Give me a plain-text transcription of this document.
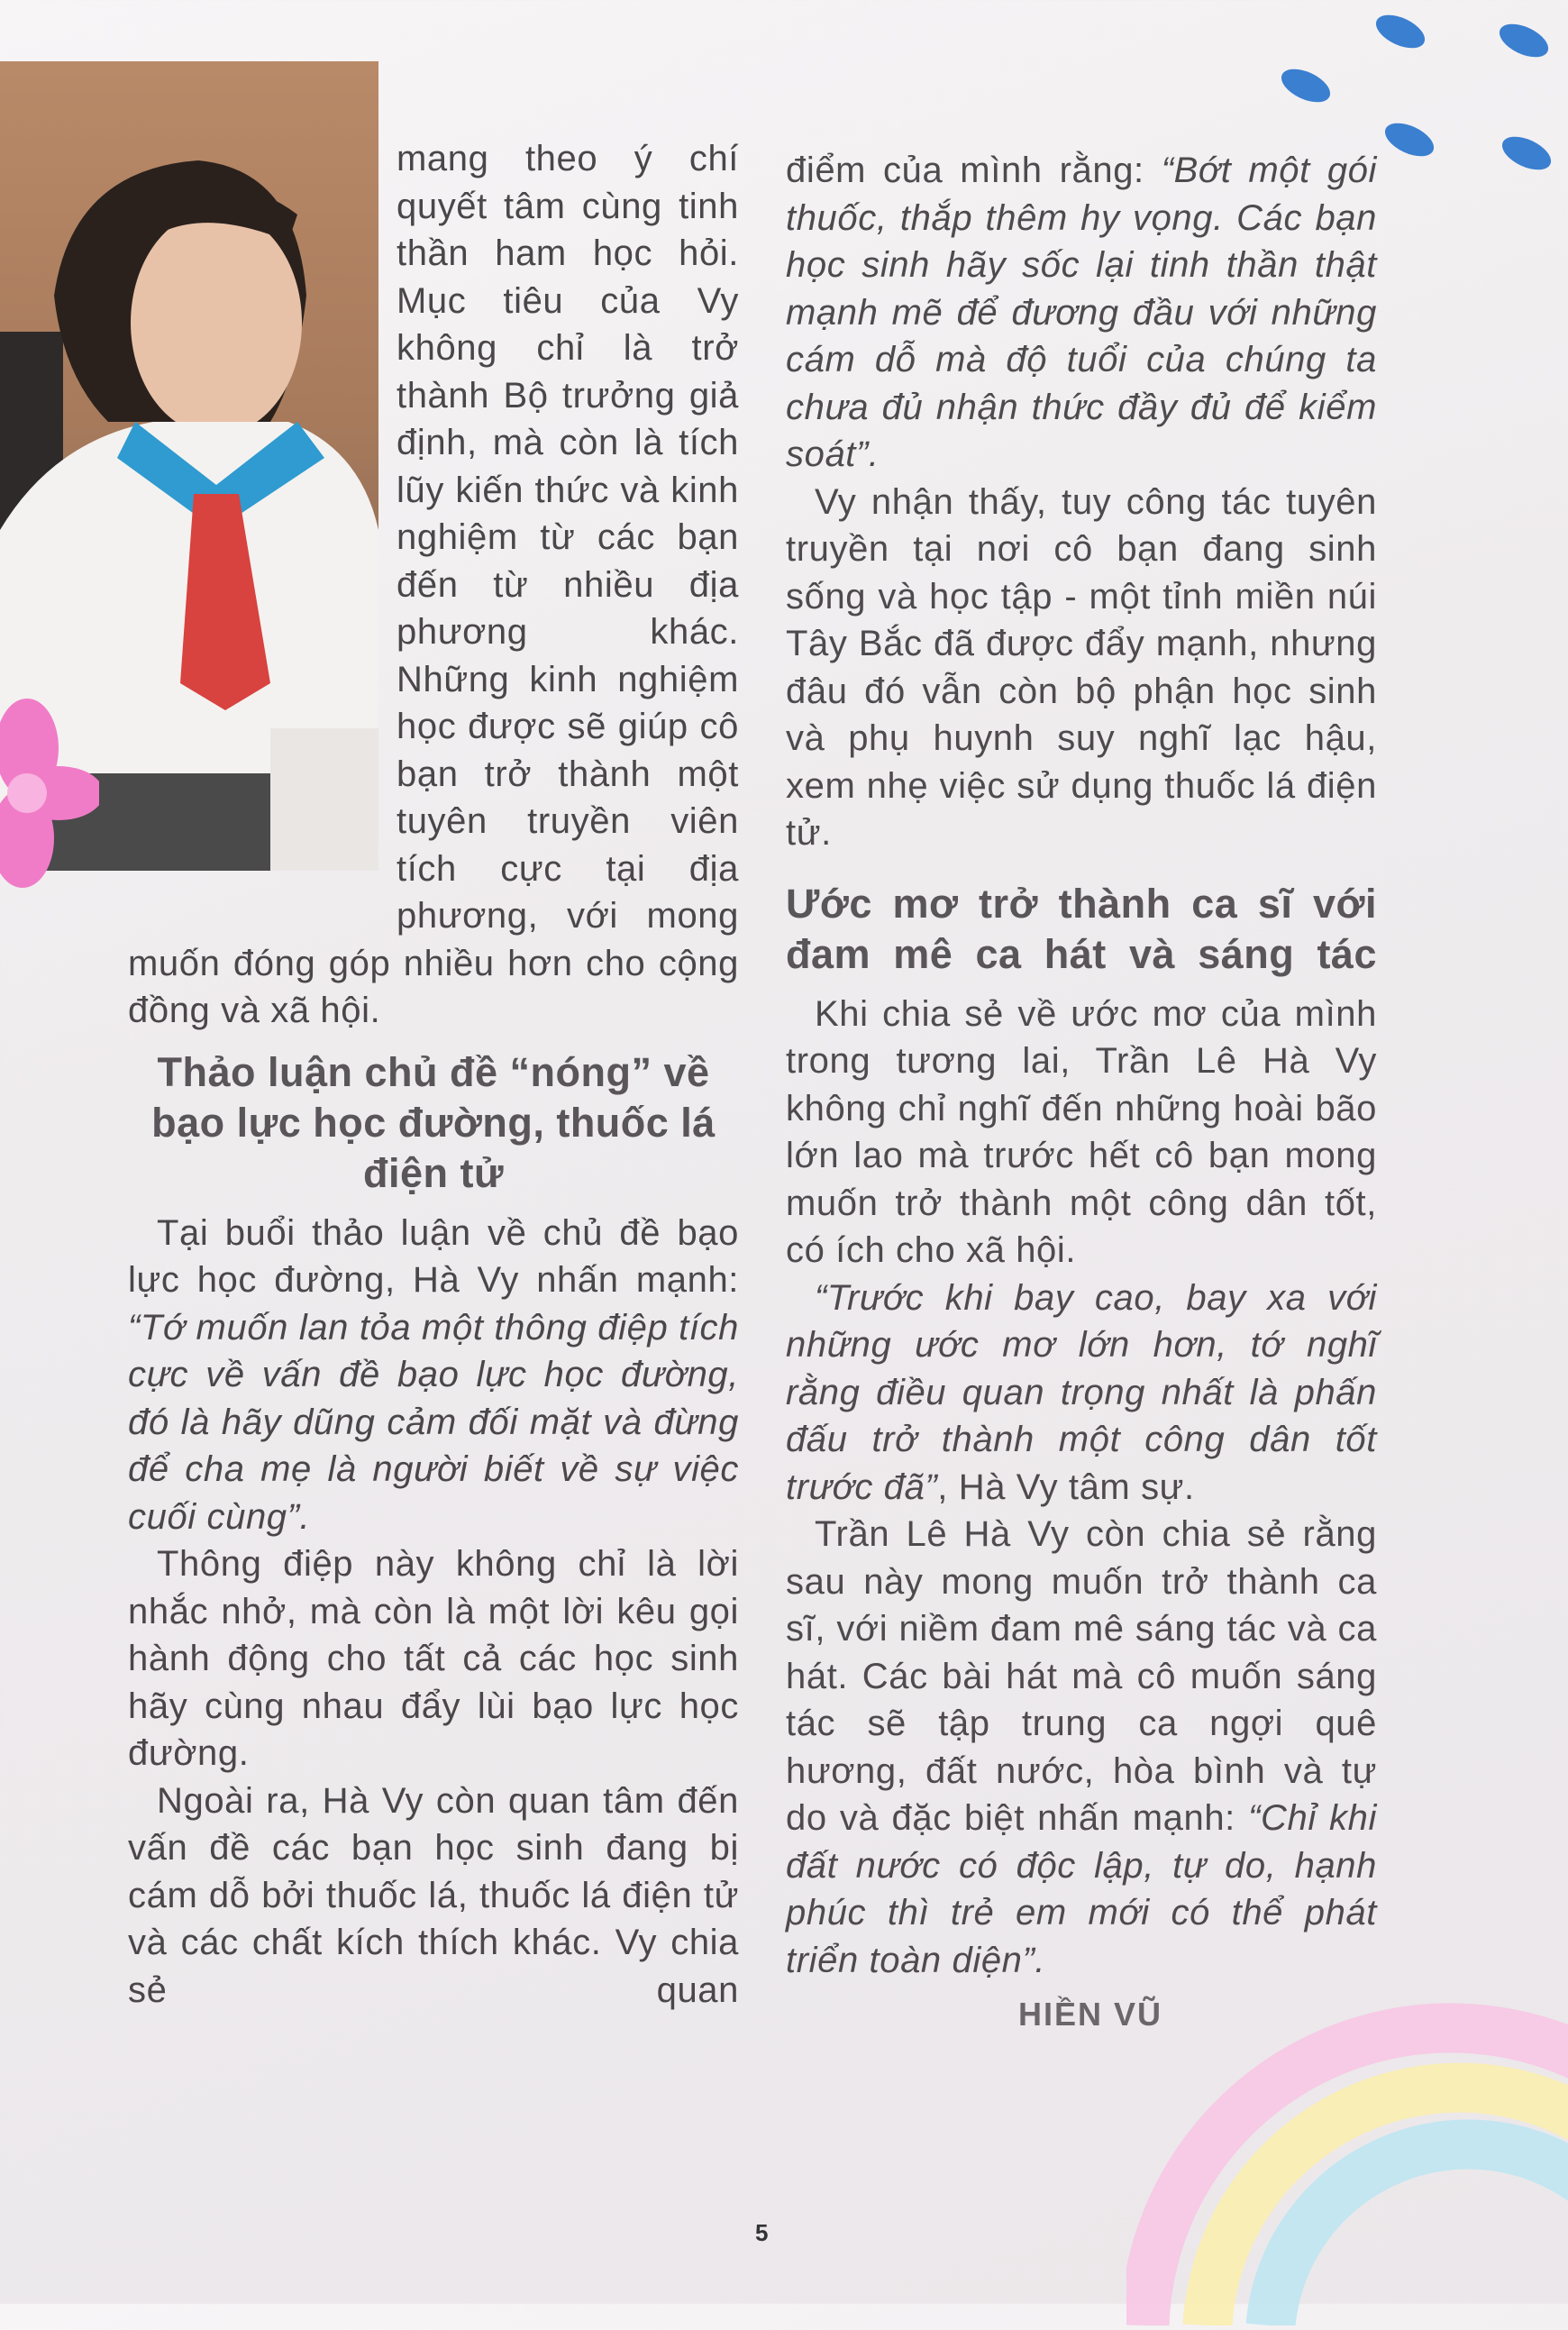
mang theo ý chí quyết tâm cùng tinh thần ham học hỏi. Mục tiêu của Vy không chỉ là trở thành Bộ trưởng giả định, mà còn là tích lũy kiến thức và kinh nghiệm từ các bạn đến từ nhiều địa phương khác. Những kinh nghiệm học được sẽ giúp cô bạn trở thành một tuyên truyền viên tích cực tại địa phương, với mong muốn đóng góp nhiều hơn cho cộng đồng và xã hội.

Thảo luận chủ đề “nóng” về bạo lực học đường, thuốc lá điện tử

Tại buổi thảo luận về chủ đề bạo lực học đường, Hà Vy nhấn mạnh: “Tớ muốn lan tỏa một thông điệp tích cực về vấn đề bạo lực học đường, đó là hãy dũng cảm đối mặt và đừng để cha mẹ là người biết về sự việc cuối cùng”.

Thông điệp này không chỉ là lời nhắc nhở, mà còn là một lời kêu gọi hành động cho tất cả các học sinh hãy cùng nhau đẩy lùi bạo lực học đường.

Ngoài ra, Hà Vy còn quan tâm đến vấn đề các bạn học sinh đang bị cám dỗ bởi thuốc lá, thuốc lá điện tử và các chất kích thích khác. Vy chia sẻ quan

điểm của mình rằng: “Bớt một gói thuốc, thắp thêm hy vọng. Các bạn học sinh hãy sốc lại tinh thần thật mạnh mẽ để đương đầu với những cám dỗ mà độ tuổi của chúng ta chưa đủ nhận thức đầy đủ để kiểm soát”.

Vy nhận thấy, tuy công tác tuyên truyền tại nơi cô bạn đang sinh sống và học tập - một tỉnh miền núi Tây Bắc đã được đẩy mạnh, nhưng đâu đó vẫn còn bộ phận học sinh và phụ huynh suy nghĩ lạc hậu, xem nhẹ việc sử dụng thuốc lá điện tử.

Ước mơ trở thành ca sĩ với đam mê ca hát và sáng tác

Khi chia sẻ về ước mơ của mình trong tương lai, Trần Lê Hà Vy không chỉ nghĩ đến những hoài bão lớn lao mà trước hết cô bạn mong muốn trở thành một công dân tốt, có ích cho xã hội.

“Trước khi bay cao, bay xa với những ước mơ lớn hơn, tớ nghĩ rằng điều quan trọng nhất là phấn đấu trở thành một công dân tốt trước đã”, Hà Vy tâm sự.

Trần Lê Hà Vy còn chia sẻ rằng sau này mong muốn trở thành ca sĩ, với niềm đam mê sáng tác và ca hát. Các bài hát mà cô muốn sáng tác sẽ tập trung ca ngợi quê hương, đất nước, hòa bình và tự do và đặc biệt nhấn mạnh: “Chỉ khi đất nước có độc lập, tự do, hạnh phúc thì trẻ em mới có thể phát triển toàn diện”.

HIỀN VŨ
5
